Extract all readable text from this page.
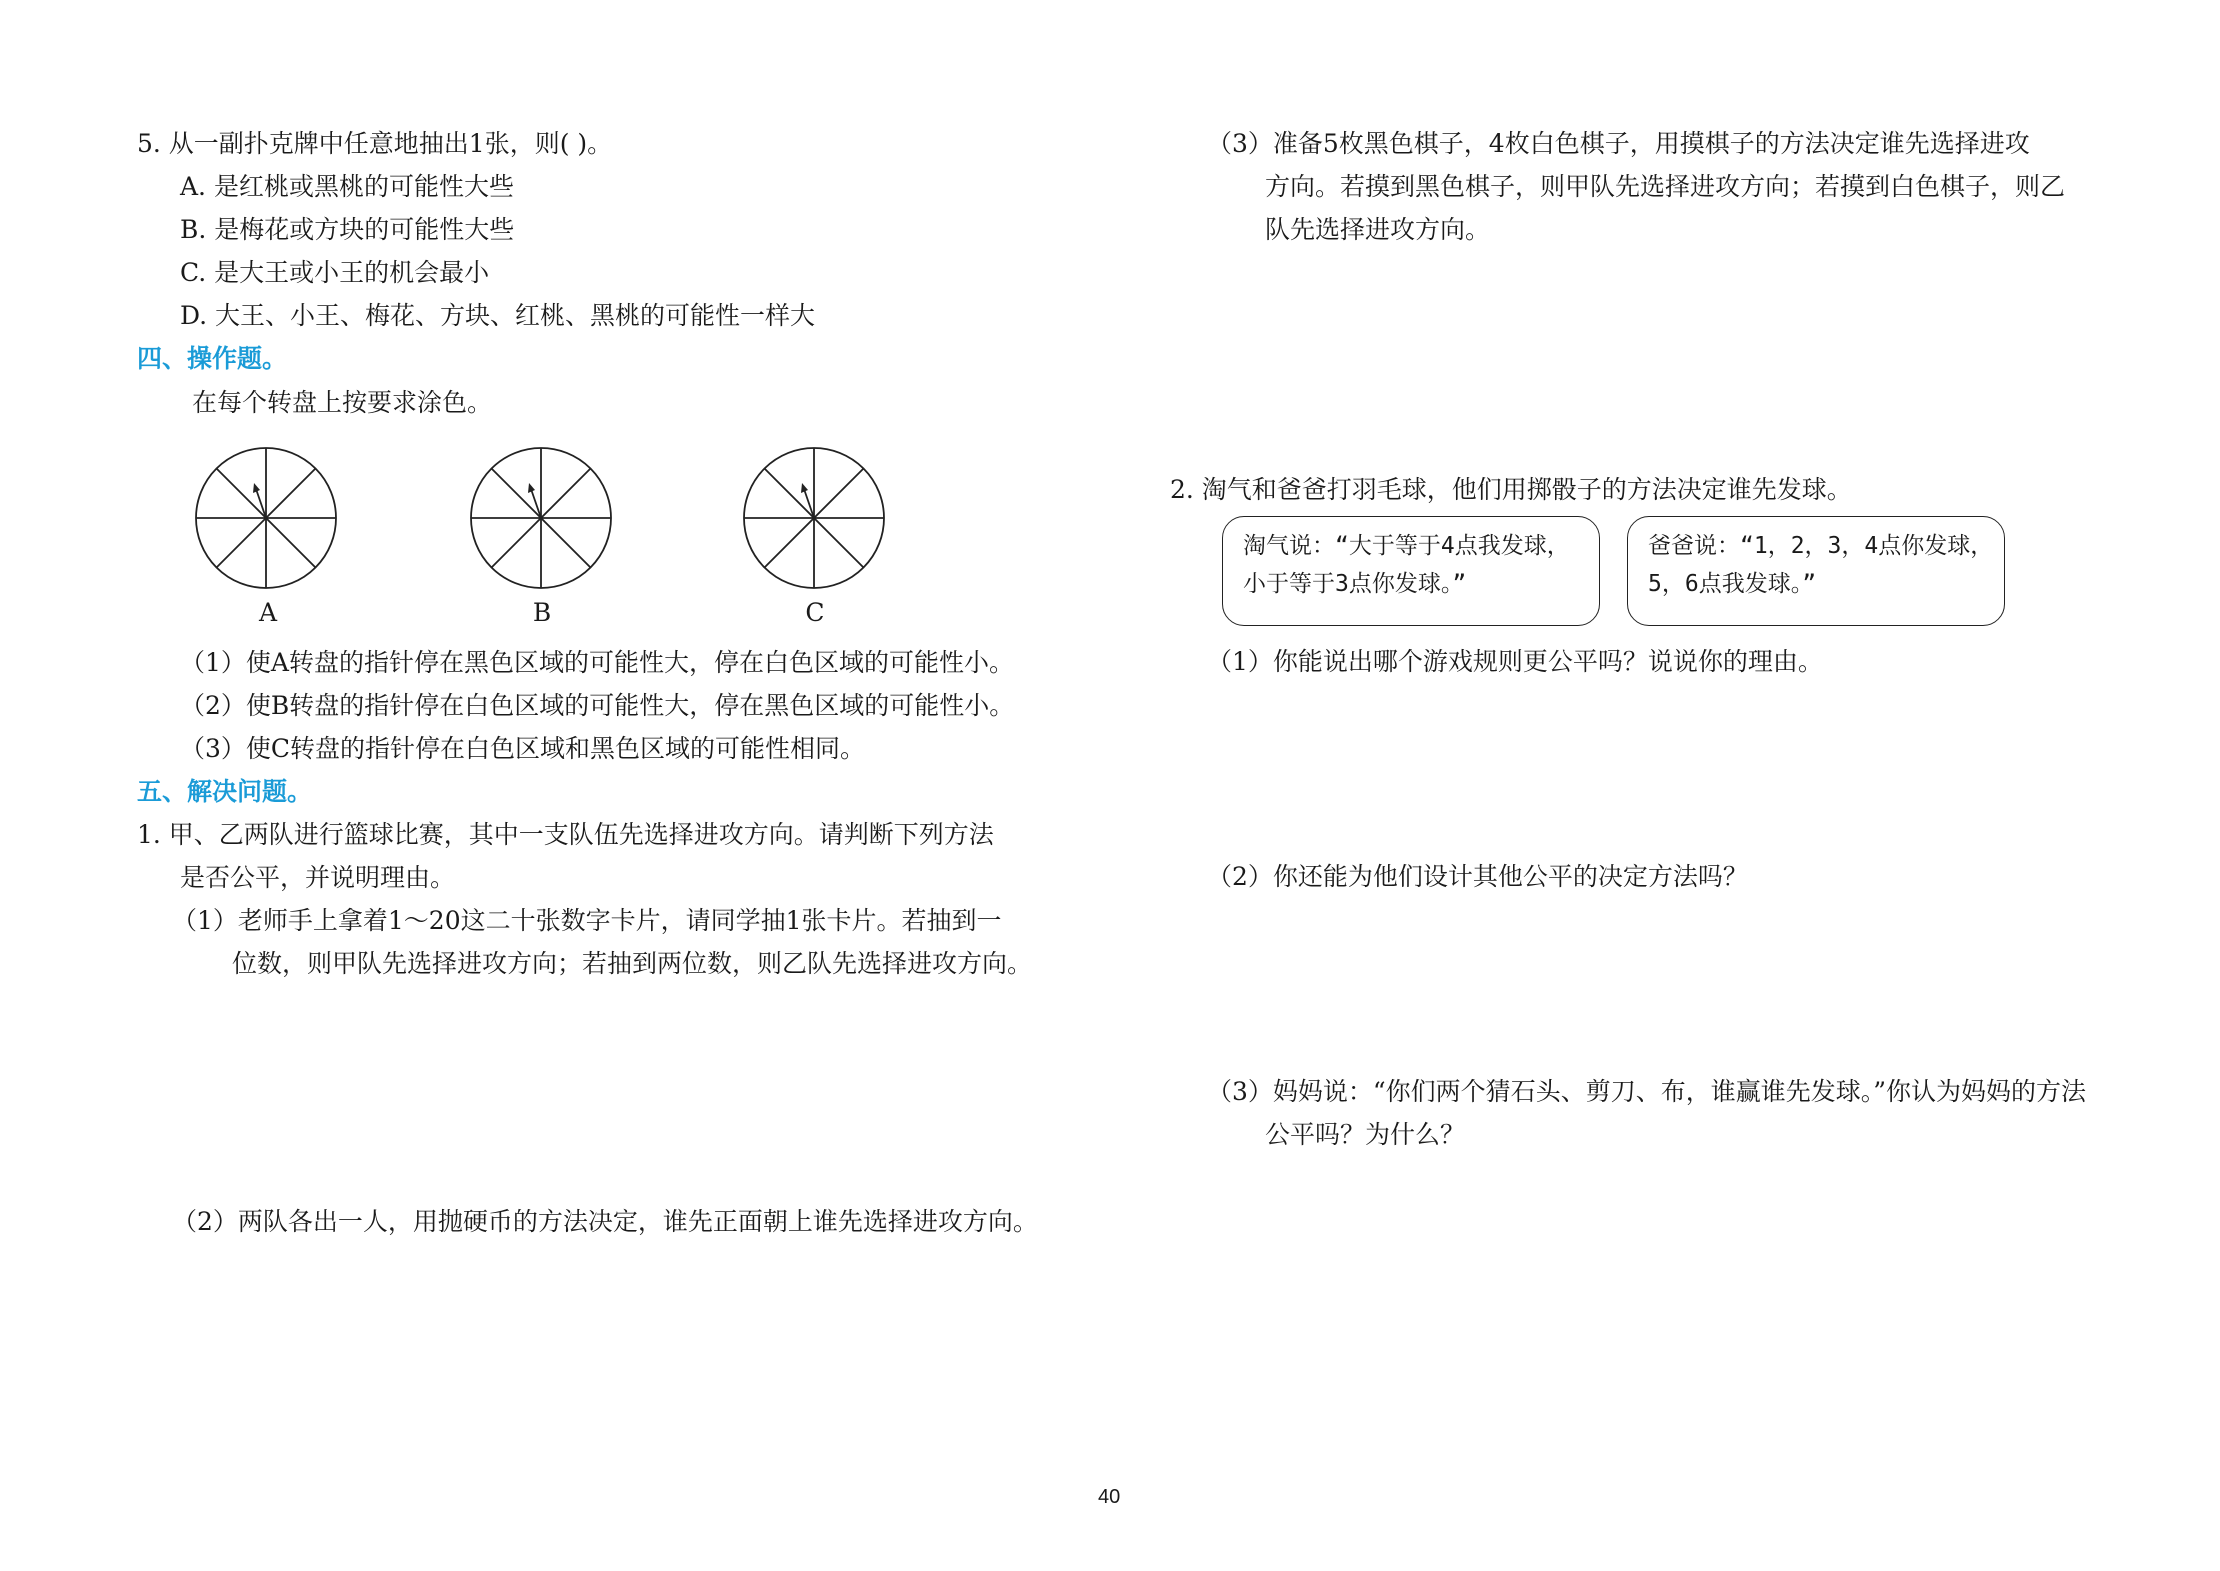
5. 从一副扑克牌中任意地抽出1张，则( )。
A. 是红桃或黑桃的可能性大些
B. 是梅花或方块的可能性大些
C. 是大王或小王的机会最小
D. 大王、小王、梅花、方块、红桃、黑桃的可能性一样大
四、操作题。
在每个转盘上按要求涂色。
A	B	C
（1）使A转盘的指针停在黑色区域的可能性大，停在白色区域的可能性小。
（2）使B转盘的指针停在白色区域的可能性大，停在黑色区域的可能性小。
（3）使C转盘的指针停在白色区域和黑色区域的可能性相同。
五、解决问题。
1. 甲、乙两队进行篮球比赛，其中一支队伍先选择进攻方向。请判断下列方法
是否公平，并说明理由。
（1）老师手上拿着1～20这二十张数字卡片，请同学抽1张卡片。若抽到一
位数，则甲队先选择进攻方向；若抽到两位数，则乙队先选择进攻方向。
（2）两队各出一人，用抛硬币的方法决定，谁先正面朝上谁先选择进攻方向。
（3）准备5枚黑色棋子，4枚白色棋子，用摸棋子的方法决定谁先选择进攻
方向。若摸到黑色棋子，则甲队先选择进攻方向；若摸到白色棋子，则乙
队先选择进攻方向。
2. 淘气和爸爸打羽毛球，他们用掷骰子的方法决定谁先发球。
淘气说：“大于等于4点我发球，
小于等于3点你发球。”
爸爸说：“1，2，3，4点你发球，
5，6点我发球。”
（1）你能说出哪个游戏规则更公平吗？说说你的理由。
（2）你还能为他们设计其他公平的决定方法吗？
（3）妈妈说：“你们两个猜石头、剪刀、布，谁赢谁先发球。”你认为妈妈的方法
公平吗？为什么？
40
